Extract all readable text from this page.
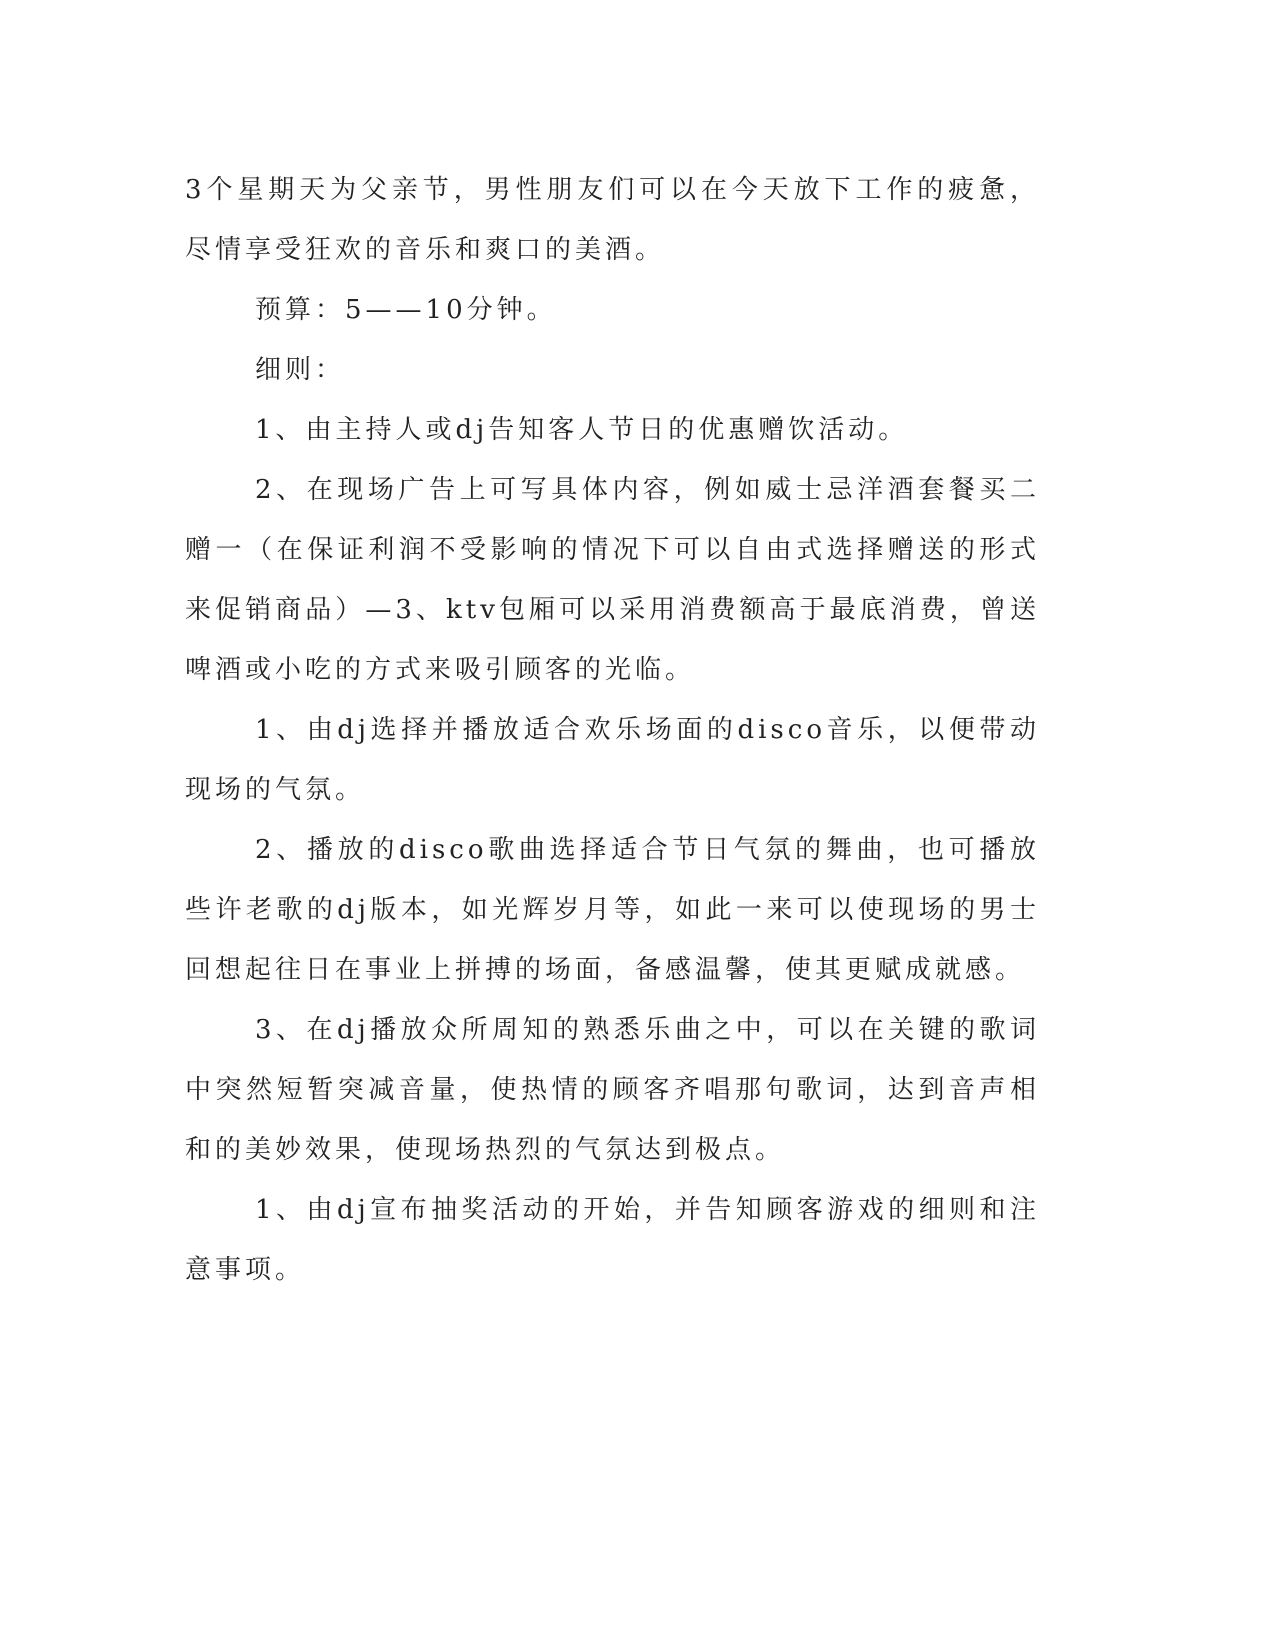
3个星期天为父亲节，男性朋友们可以在今天放下工作的疲惫，尽情享受狂欢的音乐和爽口的美酒。

预算：5——10分钟。

细则：

1、由主持人或dj告知客人节日的优惠赠饮活动。

2、在现场广告上可写具体内容，例如威士忌洋酒套餐买二赠一（在保证利润不受影响的情况下可以自由式选择赠送的形式来促销商品）—3、ktv包厢可以采用消费额高于最底消费，曾送啤酒或小吃的方式来吸引顾客的光临。

1、由dj选择并播放适合欢乐场面的disco音乐，以便带动现场的气氛。

2、播放的disco歌曲选择适合节日气氛的舞曲，也可播放些许老歌的dj版本，如光辉岁月等，如此一来可以使现场的男士回想起往日在事业上拼搏的场面，备感温馨，使其更赋成就感。

3、在dj播放众所周知的熟悉乐曲之中，可以在关键的歌词中突然短暂突减音量，使热情的顾客齐唱那句歌词，达到音声相和的美妙效果，使现场热烈的气氛达到极点。

1、由dj宣布抽奖活动的开始，并告知顾客游戏的细则和注意事项。
